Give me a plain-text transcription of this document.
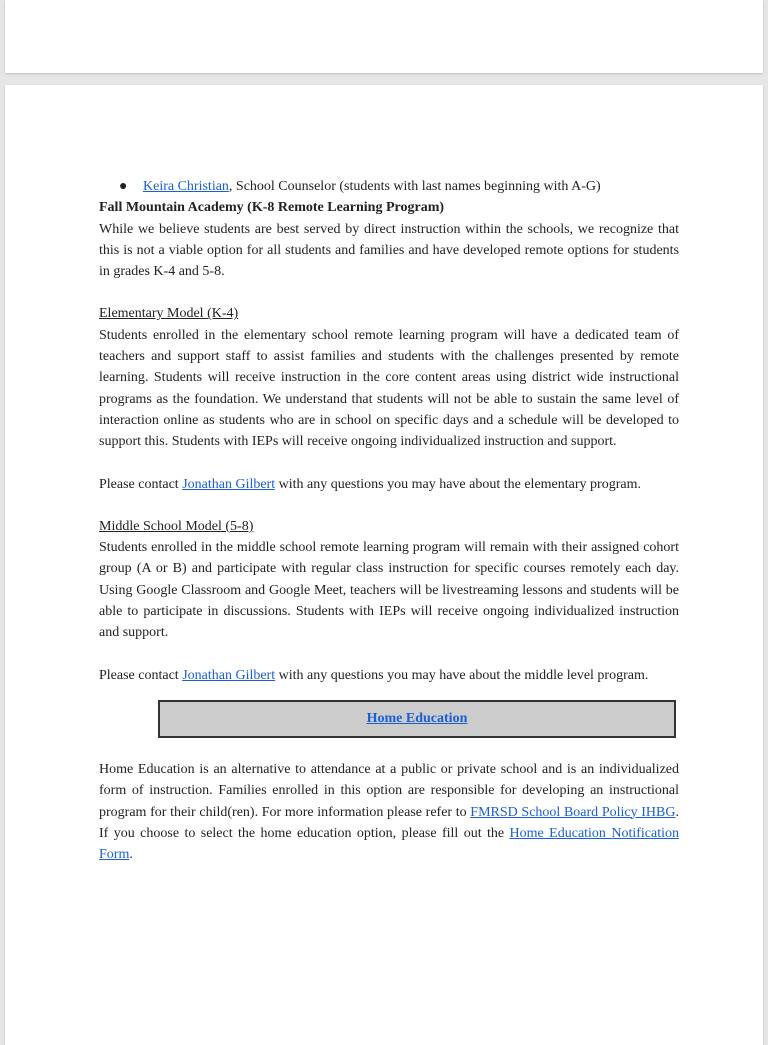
● Keira Christian, School Counselor (students with last names beginning with A-G)

Fall Mountain Academy (K-8 Remote Learning Program)

While we believe students are best served by direct instruction within the schools, we recognize that this is not a viable option for all students and families and have developed remote options for students in grades K-4 and 5-8.

Elementary Model (K-4)

Students enrolled in the elementary school remote learning program will have a dedicated team of teachers and support staff to assist families and students with the challenges presented by remote learning. Students will receive instruction in the core content areas using district wide instructional programs as the foundation. We understand that students will not be able to sustain the same level of interaction online as students who are in school on specific days and a schedule will be developed to support this. Students with IEPs will receive ongoing individualized instruction and support.

Please contact Jonathan Gilbert with any questions you may have about the elementary program.

Middle School Model (5-8)

Students enrolled in the middle school remote learning program will remain with their assigned cohort group (A or B) and participate with regular class instruction for specific courses remotely each day. Using Google Classroom and Google Meet, teachers will be livestreaming lessons and students will be able to participate in discussions. Students with IEPs will receive ongoing individualized instruction and support.

Please contact Jonathan Gilbert with any questions you may have about the middle level program.

Home Education

Home Education is an alternative to attendance at a public or private school and is an individualized form of instruction. Families enrolled in this option are responsible for developing an instructional program for their child(ren). For more information please refer to FMRSD School Board Policy IHBG. If you choose to select the home education option, please fill out the Home Education Notification Form.
